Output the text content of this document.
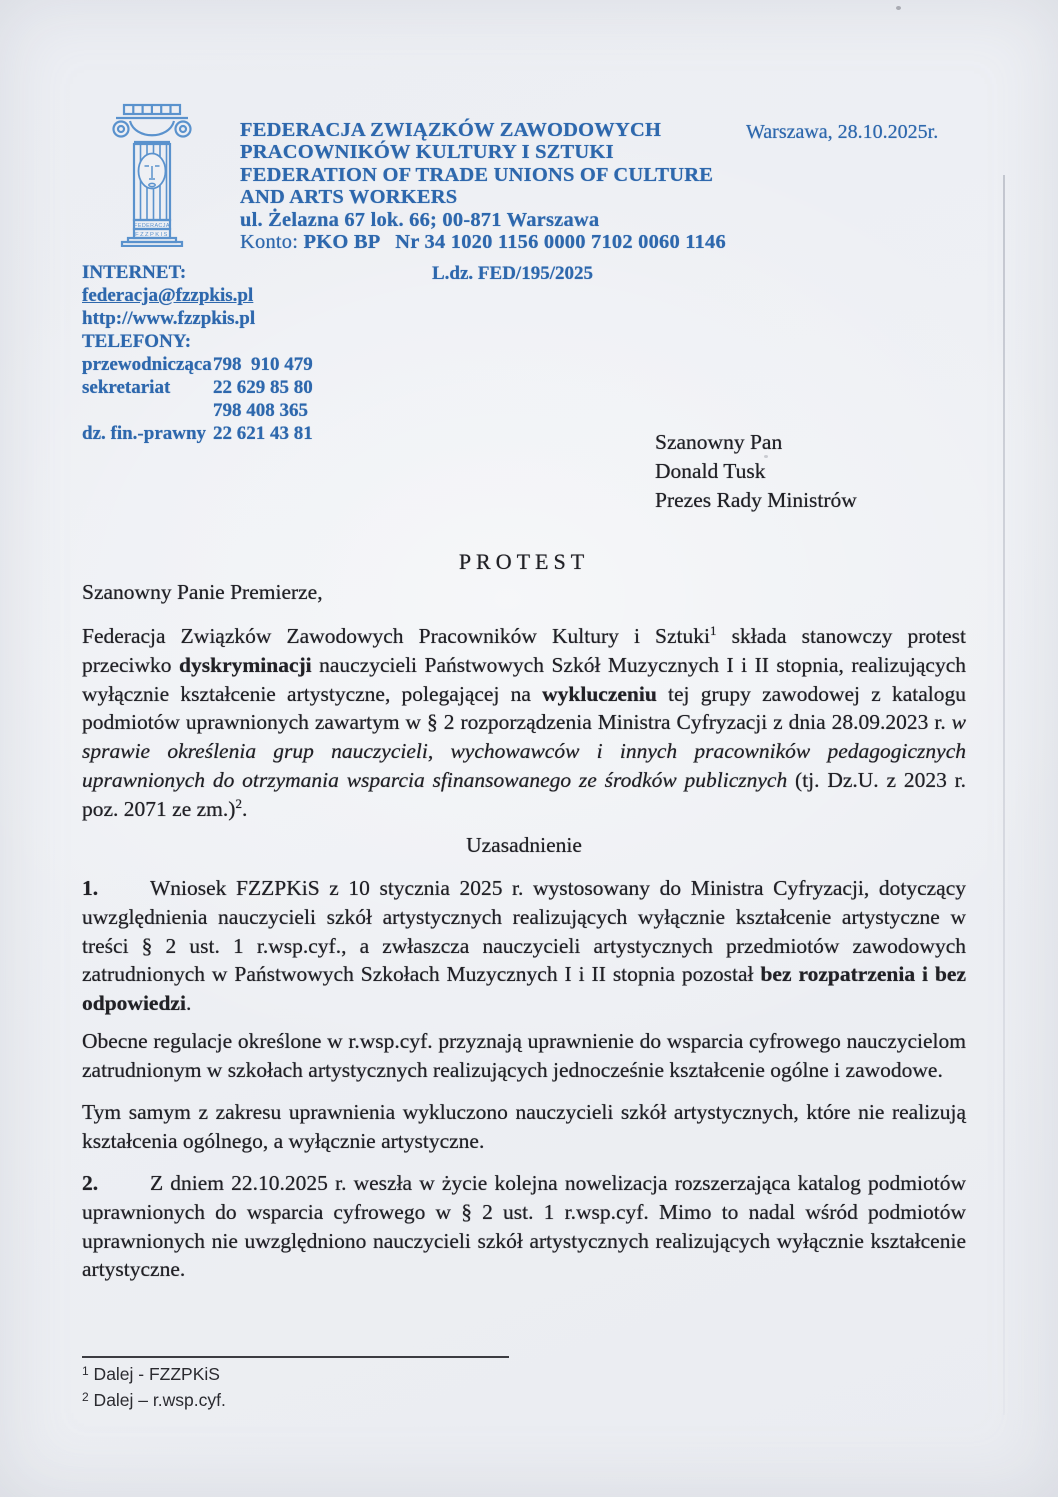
FEDERACJA
FZZPKIS
FEDERACJA ZWIĄZKÓW ZAWODOWYCH
PRACOWNIKÓW KULTURY I SZTUKI
FEDERATION OF TRADE UNIONS OF CULTURE
AND ARTS WORKERS
ul. Żelazna 67 lok. 66; 00-871 Warszawa
Konto: PKO BP   Nr 34 1020 1156 0000 7102 0060 1146
Warszawa, 28.10.2025r.
INTERNET:
federacja@fzzpkis.pl
http://www.fzzpkis.pl
TELEFONY:
przewodnicząca798  910 479
sekretariat 22 629 85 80
798 408 365
dz. fin.-prawny 22 621 43 81
L.dz. FED/195/2025
Szanowny Pan
Donald Tusk
Prezes Rady Ministrów
PROTEST
Szanowny Panie Premierze,

Federacja Związków Zawodowych Pracowników Kultury i Sztuki$^1$ składa stanowczy protest przeciwko dyskryminacji nauczycieli Państwowych Szkół Muzycznych I i II stopnia, realizujących wyłącznie kształcenie artystyczne, polegającej na wykluczeniu tej grupy zawodowej z katalogu podmiotów uprawnionych zawartym w § 2 rozporządzenia Ministra Cyfryzacji z dnia 28.09.2023 r. w sprawie określenia grup nauczycieli, wychowawców i innych pracowników pedagogicznych uprawnionych do otrzymania wsparcia sfinansowanego ze środków publicznych (tj. Dz.U. z 2023 r. poz. 2071 ze zm.)$^2$.

Uzasadnienie

1. Wniosek FZZPKiS z 10 stycznia 2025 r. wystosowany do Ministra Cyfryzacji, dotyczący uwzględnienia nauczycieli szkół artystycznych realizujących wyłącznie kształcenie artystyczne w treści § 2 ust. 1 r.wsp.cyf., a zwłaszcza nauczycieli artystycznych przedmiotów zawodowych zatrudnionych w Państwowych Szkołach Muzycznych I i II stopnia pozostał bez rozpatrzenia i bez odpowiedzi.

Obecne regulacje określone w r.wsp.cyf. przyznają uprawnienie do wsparcia cyfrowego nauczycielom zatrudnionym w szkołach artystycznych realizujących jednocześnie kształcenie ogólne i zawodowe.

Tym samym z zakresu uprawnienia wykluczono nauczycieli szkół artystycznych, które nie realizują kształcenia ogólnego, a wyłącznie artystyczne.

2. Z dniem 22.10.2025 r. weszła w życie kolejna nowelizacja rozszerzająca katalog podmiotów uprawnionych do wsparcia cyfrowego w § 2 ust. 1 r.wsp.cyf. Mimo to nadal wśród podmiotów uprawnionych nie uwzględniono nauczycieli szkół artystycznych realizujących wyłącznie kształcenie artystyczne.

$^1$ Dalej - FZZPKiS
$^2$ Dalej – r.wsp.cyf.
